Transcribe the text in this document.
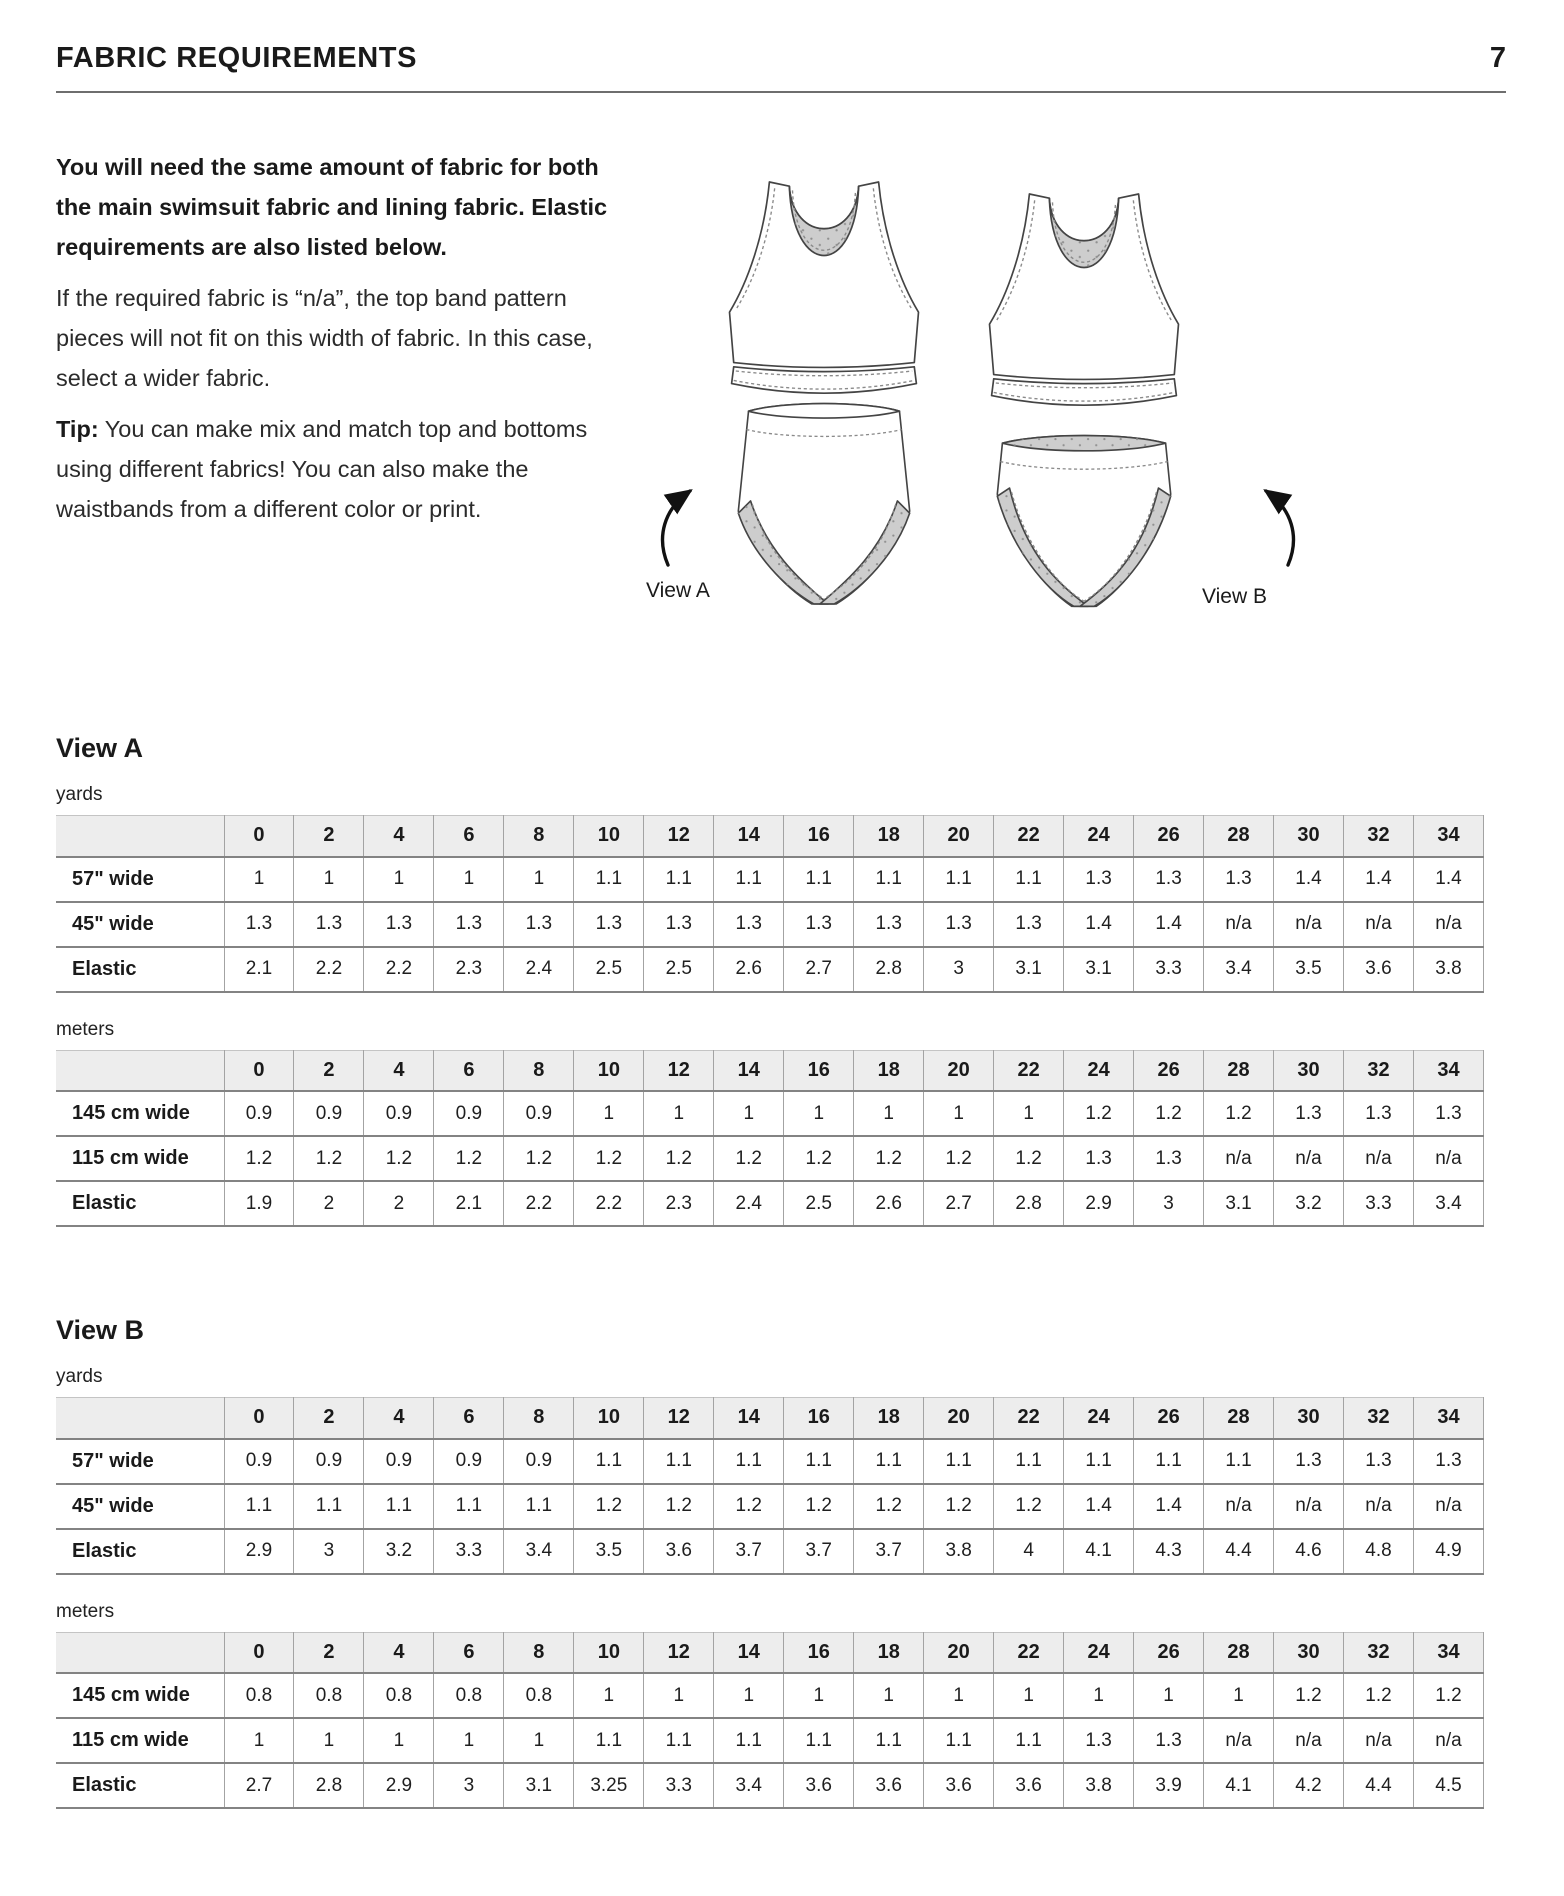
FABRIC REQUIREMENTS	7

You will need the same amount of fabric for both the main swimsuit fabric and lining fabric. Elastic requirements are also listed below.

If the required fabric is “n/a”, the top band pattern pieces will not fit on this width of fabric. In this case, select a wider fabric.

Tip: You can make mix and match top and bottoms using different fabrics! You can also make the waistbands from a different color or print.

View A	View B
View A
yards
	0	2	4	6	8	10	12	14	16	18	20	22	24	26	28	30	32	34
57" wide	1	1	1	1	1	1.1	1.1	1.1	1.1	1.1	1.1	1.1	1.3	1.3	1.3	1.4	1.4	1.4
45" wide	1.3	1.3	1.3	1.3	1.3	1.3	1.3	1.3	1.3	1.3	1.3	1.3	1.4	1.4	n/a	n/a	n/a	n/a
Elastic	2.1	2.2	2.2	2.3	2.4	2.5	2.5	2.6	2.7	2.8	3	3.1	3.1	3.3	3.4	3.5	3.6	3.8
meters
	0	2	4	6	8	10	12	14	16	18	20	22	24	26	28	30	32	34
145 cm wide	0.9	0.9	0.9	0.9	0.9	1	1	1	1	1	1	1	1.2	1.2	1.2	1.3	1.3	1.3
115 cm wide	1.2	1.2	1.2	1.2	1.2	1.2	1.2	1.2	1.2	1.2	1.2	1.2	1.3	1.3	n/a	n/a	n/a	n/a
Elastic	1.9	2	2	2.1	2.2	2.2	2.3	2.4	2.5	2.6	2.7	2.8	2.9	3	3.1	3.2	3.3	3.4
View B
yards
	0	2	4	6	8	10	12	14	16	18	20	22	24	26	28	30	32	34
57" wide	0.9	0.9	0.9	0.9	0.9	1.1	1.1	1.1	1.1	1.1	1.1	1.1	1.1	1.1	1.1	1.3	1.3	1.3
45" wide	1.1	1.1	1.1	1.1	1.1	1.2	1.2	1.2	1.2	1.2	1.2	1.2	1.4	1.4	n/a	n/a	n/a	n/a
Elastic	2.9	3	3.2	3.3	3.4	3.5	3.6	3.7	3.7	3.7	3.8	4	4.1	4.3	4.4	4.6	4.8	4.9
meters
	0	2	4	6	8	10	12	14	16	18	20	22	24	26	28	30	32	34
145 cm wide	0.8	0.8	0.8	0.8	0.8	1	1	1	1	1	1	1	1	1	1	1.2	1.2	1.2
115 cm wide	1	1	1	1	1	1.1	1.1	1.1	1.1	1.1	1.1	1.1	1.3	1.3	n/a	n/a	n/a	n/a
Elastic	2.7	2.8	2.9	3	3.1	3.25	3.3	3.4	3.6	3.6	3.6	3.6	3.8	3.9	4.1	4.2	4.4	4.5
